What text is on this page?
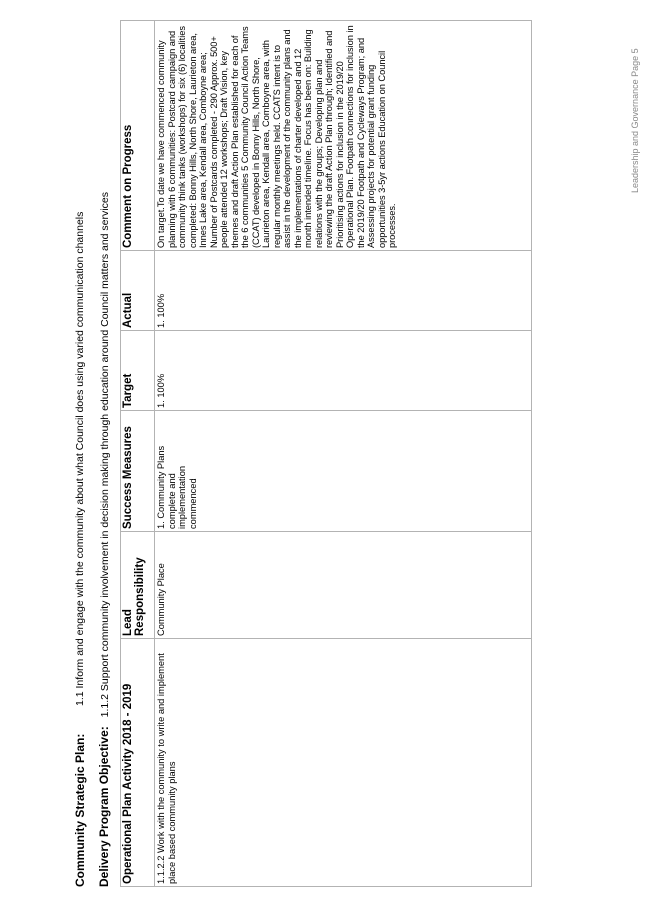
Community Strategic Plan:
1.1 Inform and engage with the community about what Council does using varied communication channels
Delivery Program Objective: 1.1.2 Support community involvement in decision making through education around Council matters and services
Operational Plan Activity 2018 - 2019	Lead Responsibility	Success Measures	Target	Actual	Comment on Progress
1.1.2.2 Work with the community to write and implement place based community plans	Community Place	1. Community Plans complete and implementation commenced	1. 100%	1. 100%	On target.To date we have commenced community planning with 6 communities: Postcard campaign and community think tanks (workshops) for six (6) localities completed: Bonny Hills, North Shore, Laurieton area, Innes Lake area, Kendall area, Comboyne area; Number of Postcards completed - 290 Approx. 500+ people attended 12 workshops; Draft Vision, key themes and draft Action Plan established for each of the 6 communities 5 Community Council Action Teams (CCAT) developed in Bonny Hills, North Shore, Laurieton area, Kendall area, Comboyne area, with regular monthly meetings held. CCATS intent is to assist in the development of the community plans and the implementations of charter developed and 12 month intended timeline. Focus has been on: Building relations with the groups; Developing plan and reviewing the draft Action Plan through; Identified and Prioritising actions for inclusion in the 2019/20 Operational Plan. Footpath connections for inclusion in the 2019/20 Footpath and Cycleways Program; and Assessing projects for potential grant funding opportunities 3-5yr actions Education on Council processes.
Leadership and Governance Page 5
